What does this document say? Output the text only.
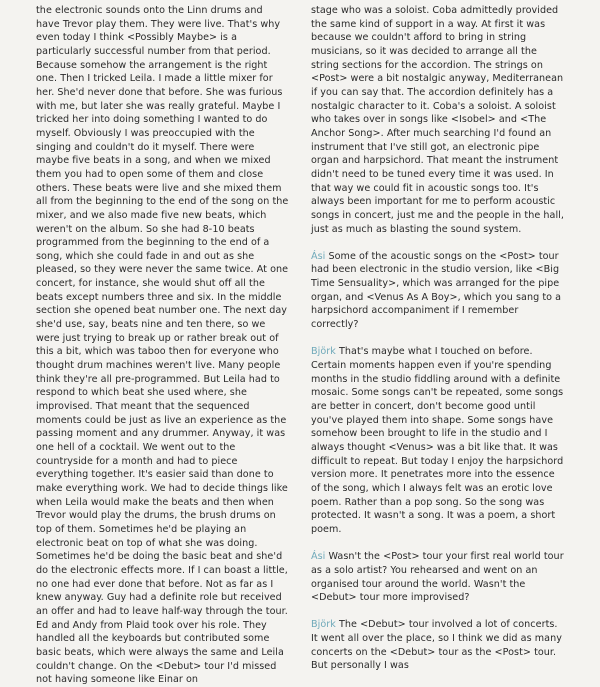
the electronic sounds onto the Linn drums and have Trevor play them. They were live. That's why even today I think <Possibly Maybe> is a particularly successful number from that period. Because somehow the arrangement is the right one. Then I tricked Leila. I made a little mixer for her. She'd never done that before. She was furious with me, but later she was really grateful. Maybe I tricked her into doing something I wanted to do myself. Obviously I was preoccupied with the singing and couldn't do it myself. There were maybe five beats in a song, and when we mixed them you had to open some of them and close others. These beats were live and she mixed them all from the beginning to the end of the song on the mixer, and we also made five new beats, which weren't on the album. So she had 8-10 beats programmed from the beginning to the end of a song, which she could fade in and out as she pleased, so they were never the same twice. At one concert, for instance, she would shut off all the beats except numbers three and six. In the middle section she opened beat number one. The next day she'd use, say, beats nine and ten there, so we were just trying to break up or rather break out of this a bit, which was taboo then for everyone who thought drum machines weren't live. Many people think they're all pre-programmed. But Leila had to respond to which beat she used where, she improvised. That meant that the sequenced moments could be just as live an experience as the passing moment and any drummer. Anyway, it was one hell of a cocktail. We went out to the countryside for a month and had to piece everything together. It's easier said than done to make everything work. We had to decide things like when Leila would make the beats and then when Trevor would play the drums, the brush drums on top of them. Sometimes he'd be playing an electronic beat on top of what she was doing. Sometimes he'd be doing the basic beat and she'd do the electronic effects more. If I can boast a little, no one had ever done that before. Not as far as I knew anyway. Guy had a definite role but received an offer and had to leave half-way through the tour. Ed and Andy from Plaid took over his role. They handled all the keyboards but contributed some basic beats, which were always the same and Leila couldn't change. On the <Debut> tour I'd missed not having someone like Einar on

stage who was a soloist. Coba admittedly provided the same kind of support in a way. At first it was because we couldn't afford to bring in string musicians, so it was decided to arrange all the string sections for the accordion. The strings on <Post> were a bit nostalgic anyway, Mediterranean if you can say that. The accordion definitely has a nostalgic character to it. Coba's a soloist. A soloist who takes over in songs like <Isobel> and <The Anchor Song>. After much searching I'd found an instrument that I've still got, an electronic pipe organ and harpsichord. That meant the instrument didn't need to be tuned every time it was used. In that way we could fit in acoustic songs too. It's always been important for me to perform acoustic songs in concert, just me and the people in the hall, just as much as blasting the sound system.

Ási Some of the acoustic songs on the <Post> tour had been electronic in the studio version, like <Big Time Sensuality>, which was arranged for the pipe organ, and <Venus As A Boy>, which you sang to a harpsichord accompaniment if I remember correctly?

Björk That's maybe what I touched on before. Certain moments happen even if you're spending months in the studio fiddling around with a definite mosaic. Some songs can't be repeated, some songs are better in concert, don't become good until you've played them into shape. Some songs have somehow been brought to life in the studio and I always thought <Venus> was a bit like that. It was difficult to repeat. But today I enjoy the harpsichord version more. It penetrates more into the essence of the song, which I always felt was an erotic love poem. Rather than a pop song. So the song was protected. It wasn't a song. It was a poem, a short poem.

Ási Wasn't the <Post> tour your first real world tour as a solo artist? You rehearsed and went on an organised tour around the world. Wasn't the <Debut> tour more improvised?

Björk The <Debut> tour involved a lot of concerts. It went all over the place, so I think we did as many concerts on the <Debut> tour as the <Post> tour. But personally I was
